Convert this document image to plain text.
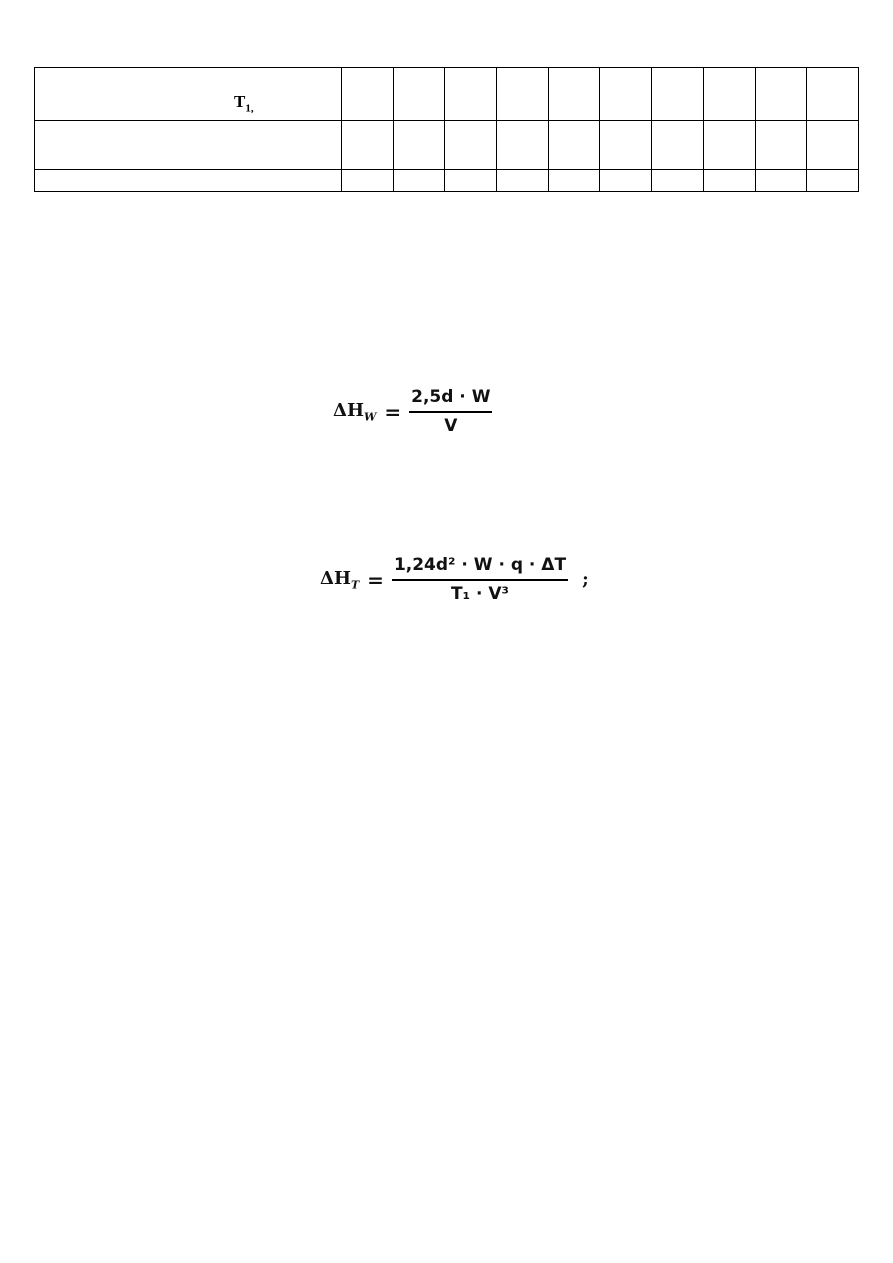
$T_{1,}$

$\Delta H_W = \frac{2,5d \cdot W}{V}$
$\Delta H_T = \frac{\text{1,24d² · W · q · ΔT}}{\text{T₁ · V³}}$ ;
